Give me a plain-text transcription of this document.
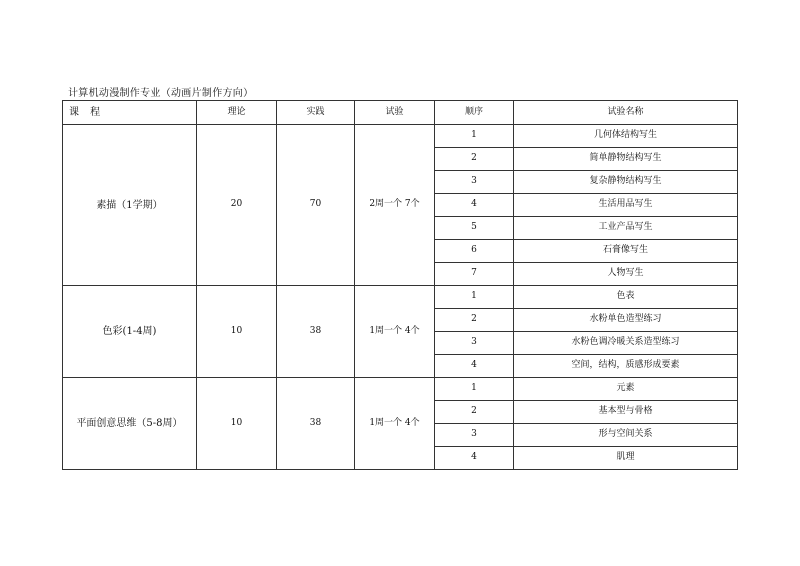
计算机动漫制作专业（动画片制作方向）
课 程	理论	实践	试验	顺序	试验名称
素描（1学期）	20	70	2周一个 7个	1	几何体结构写生
				2	简单静物结构写生
				3	复杂静物结构写生
				4	生活用品写生
				5	工业产品写生
				6	石膏像写生
				7	人物写生
色彩(1-4周)	10	38	1周一个 4个	1	色表
				2	水粉单色造型练习
				3	水粉色调冷暖关系造型练习
				4	空间，结构，质感形成要素
平面创意思维（5-8周）	10	38	1周一个 4个	1	元素
				2	基本型与骨格
				3	形与空间关系
				4	肌理
